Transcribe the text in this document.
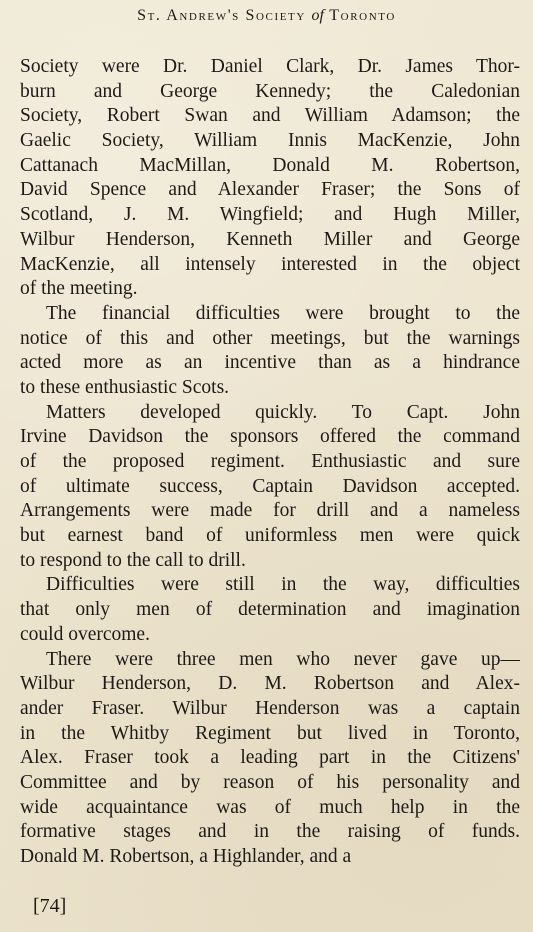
St. Andrew's Society of Toronto
Society were Dr. Daniel Clark, Dr. James Thor-
burn and George Kennedy; the Caledonian
Society, Robert Swan and William Adamson; the
Gaelic Society, William Innis MacKenzie, John
Cattanach MacMillan, Donald M. Robertson,
David Spence and Alexander Fraser; the Sons of
Scotland, J. M. Wingfield; and Hugh Miller,
Wilbur Henderson, Kenneth Miller and George
MacKenzie, all intensely interested in the object
of the meeting.
The financial difficulties were brought to the
notice of this and other meetings, but the warnings
acted more as an incentive than as a hindrance
to these enthusiastic Scots.
Matters developed quickly. To Capt. John
Irvine Davidson the sponsors offered the command
of the proposed regiment. Enthusiastic and sure
of ultimate success, Captain Davidson accepted.
Arrangements were made for drill and a nameless
but earnest band of uniformless men were quick
to respond to the call to drill.
Difficulties were still in the way, difficulties
that only men of determination and imagination
could overcome.
There were three men who never gave up—
Wilbur Henderson, D. M. Robertson and Alex-
ander Fraser. Wilbur Henderson was a captain
in the Whitby Regiment but lived in Toronto,
Alex. Fraser took a leading part in the Citizens'
Committee and by reason of his personality and
wide acquaintance was of much help in the
formative stages and in the raising of funds.
Donald M. Robertson, a Highlander, and a
[74]
